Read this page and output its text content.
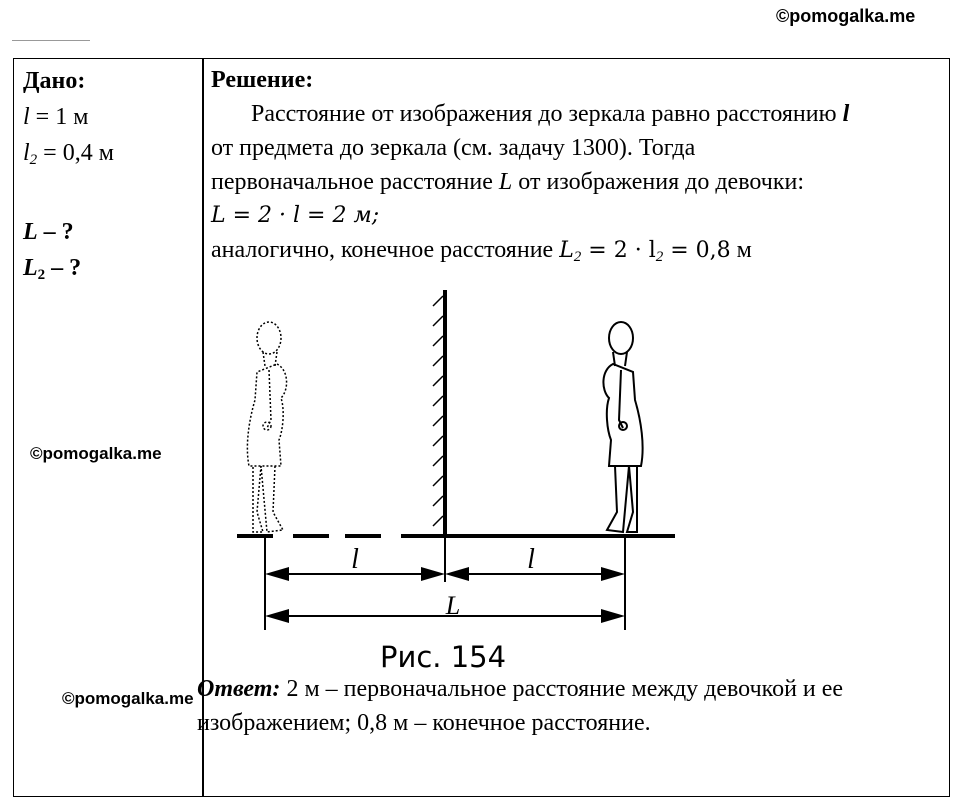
©pomogalka.me
Дано:
l = 1 м
$l_2 = 0,4$ м

L – ?
$L_2$ – ?
Решение:
Расстояние от изображения до зеркала равно расстоянию l
от предмета до зеркала (см. задачу 1300). Тогда
первоначальное расстояние L от изображения до девочки:
L = 2 · l = 2 м;
аналогично, конечное расстояние $L_2 = 2 \cdot l_2 = 0,8$ м
©pomogalka.me
l	l
L
Рис. 154
©pomogalka.me Ответ: 2 м – первоначальное расстояние между девочкой и ее
изображением; 0,8 м – конечное расстояние.
